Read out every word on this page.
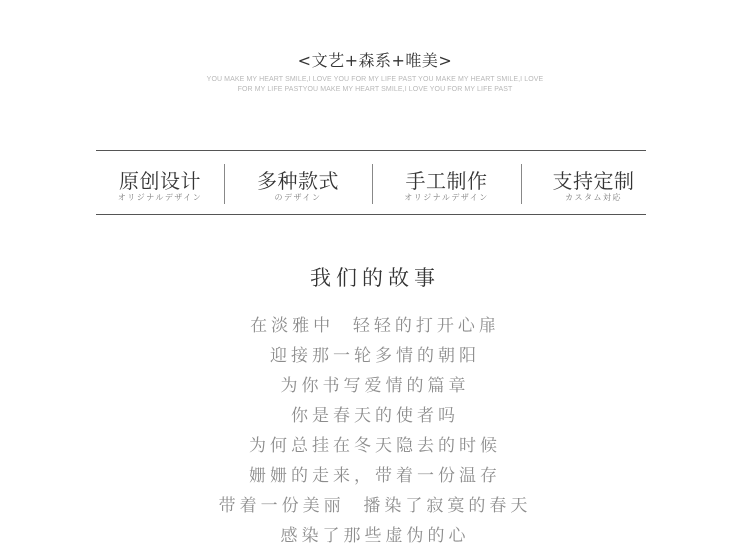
<文艺+森系+唯美>
YOU MAKE MY HEART SMILE,I LOVE YOU FOR MY LIFE PAST YOU MAKE MY HEART SMILE,I LOVE
FOR MY LIFE PASTYOU MAKE MY HEART SMILE,I LOVE YOU FOR MY LIFE PAST
原创设计
オリジナルデザイン
多种款式
のデザイン
手工制作
オリジナルデザイン
支持定制
カスタム対応
我们的故事
在淡雅中  轻轻的打开心扉
迎接那一轮多情的朝阳
为你书写爱情的篇章
你是春天的使者吗
为何总挂在冬天隐去的时候
姗姗的走来，带着一份温存
带着一份美丽  播染了寂寞的春天
感染了那些虚伪的心
